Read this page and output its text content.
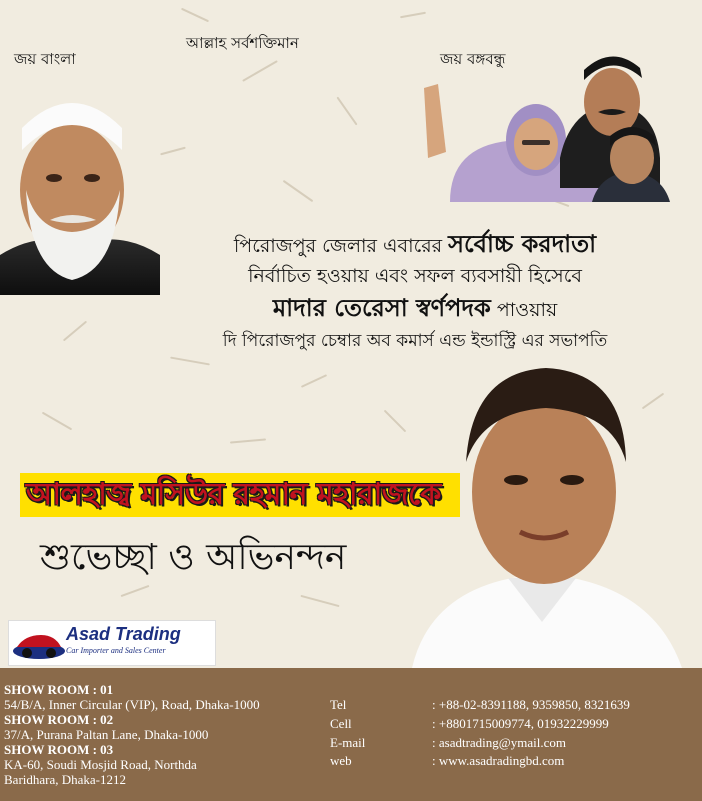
জয় বাংলা
আল্লাহ সর্বশক্তিমান
জয় বঙ্গবন্ধু
পিরোজপুর জেলার এবারের সর্বোচ্চ করদাতা
নির্বাচিত হওয়ায় এবং সফল ব্যবসায়ী হিসেবে
মাদার তেরেসা স্বর্ণপদক পাওয়ায়
দি পিরোজপুর চেম্বার অব কমার্স এন্ড ইন্ডাস্ট্রি এর সভাপতি
আলহাজ্ব মসিউর রহমান মহারাজকে
শুভেচ্ছা ও অভিনন্দন
Asad Trading
Car Importer and Sales Center
SHOW ROOM : 01
54/B/A, Inner Circular (VIP), Road, Dhaka-1000
SHOW ROOM : 02
37/A, Purana Paltan Lane, Dhaka-1000
SHOW ROOM : 03
KA-60, Soudi Mosjid Road, Northda
Baridhara, Dhaka-1212
Tel	: +88-02-8391188, 9359850, 8321639
Cell	: +8801715009774, 01932229999
E-mail	: asadtrading@ymail.com
web	: www.asadradingbd.com
